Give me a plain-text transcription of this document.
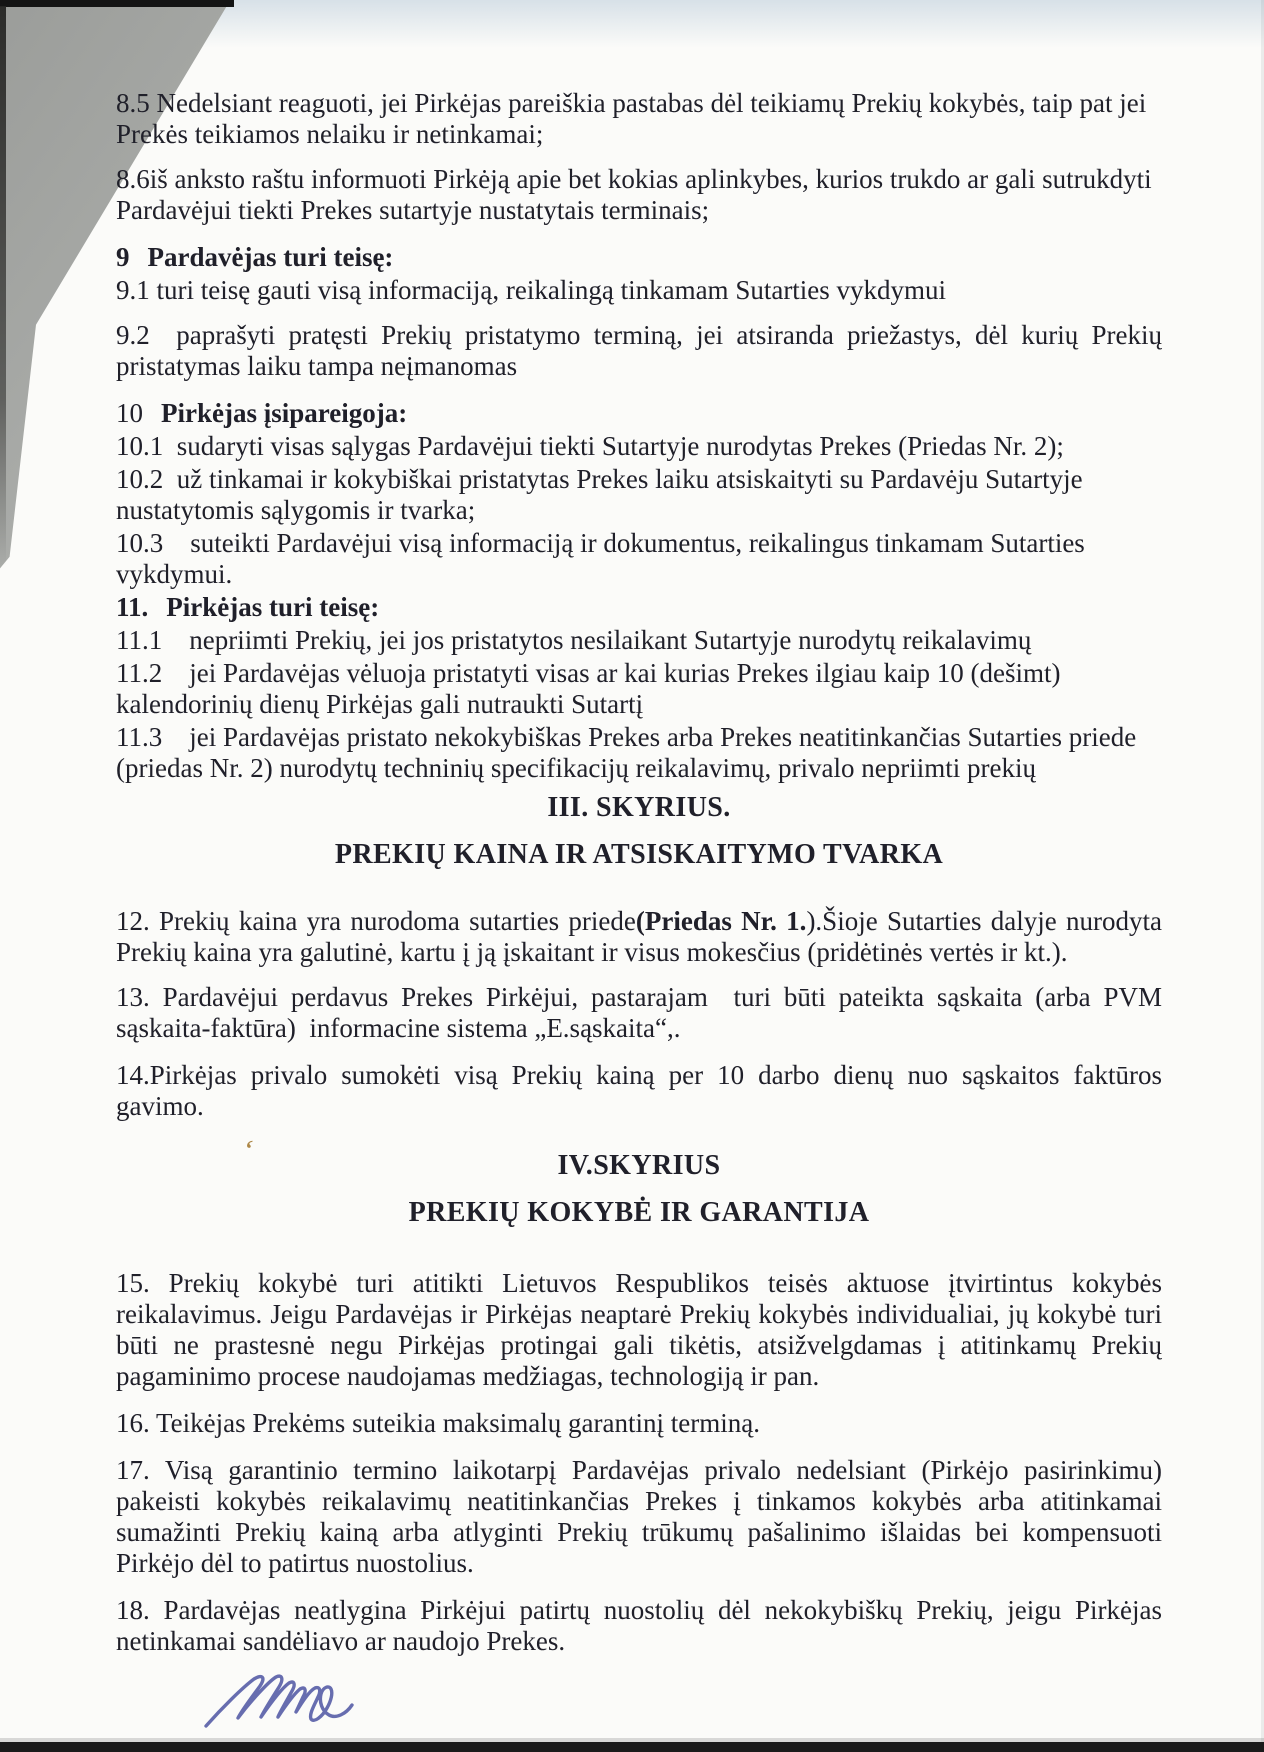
8.5 Nedelsiant reaguoti, jei Pirkėjas pareiškia pastabas dėl teikiamų Prekių kokybės, taip pat jei Prekės teikiamos nelaiku ir netinkamai;

8.6iš anksto raštu informuoti Pirkėją apie bet kokias aplinkybes, kurios trukdo ar gali sutrukdyti Pardavėjui tiekti Prekes sutartyje nustatytais terminais;

9 Pardavėjas turi teisę:

9.1 turi teisę gauti visą informaciją, reikalingą tinkamam Sutarties vykdymui

9.2  paprašyti pratęsti Prekių pristatymo terminą, jei atsiranda priežastys, dėl kurių Prekių pristatymas laiku tampa neįmanomas

10 Pirkėjas įsipareigoja:

10.1  sudaryti visas sąlygas Pardavėjui tiekti Sutartyje nurodytas Prekes (Priedas Nr. 2);

10.2  už tinkamai ir kokybiškai pristatytas Prekes laiku atsiskaityti su Pardavėju Sutartyje nustatytomis sąlygomis ir tvarka;

10.3    suteikti Pardavėjui visą informaciją ir dokumentus, reikalingus tinkamam Sutarties vykdymui.

11. Pirkėjas turi teisę:

11.1    nepriimti Prekių, jei jos pristatytos nesilaikant Sutartyje nurodytų reikalavimų

11.2    jei Pardavėjas vėluoja pristatyti visas ar kai kurias Prekes ilgiau kaip 10 (dešimt) kalendorinių dienų Pirkėjas gali nutraukti Sutartį

11.3    jei Pardavėjas pristato nekokybiškas Prekes arba Prekes neatitinkančias Sutarties priede (priedas Nr. 2) nurodytų techninių specifikacijų reikalavimų, privalo nepriimti prekių

III. SKYRIUS.
PREKIŲ KAINA IR ATSISKAITYMO TVARKA

12. Prekių kaina yra nurodoma sutarties priede(Priedas Nr. 1.).Šioje Sutarties dalyje nurodyta Prekių kaina yra galutinė, kartu į ją įskaitant ir visus mokesčius (pridėtinės vertės ir kt.).

13. Pardavėjui perdavus Prekes Pirkėjui, pastarajam  turi būti pateikta sąskaita (arba PVM sąskaita-faktūra)  informacine sistema „E.sąskaita“,.

14.Pirkėjas privalo sumokėti visą Prekių kainą per 10 darbo dienų nuo sąskaitos faktūros gavimo.

IV.SKYRIUS
PREKIŲ KOKYBĖ IR GARANTIJA

15. Prekių kokybė turi atitikti Lietuvos Respublikos teisės aktuose įtvirtintus kokybės reikalavimus. Jeigu Pardavėjas ir Pirkėjas neaptarė Prekių kokybės individualiai, jų kokybė turi būti ne prastesnė negu Pirkėjas protingai gali tikėtis, atsižvelgdamas į atitinkamų Prekių pagaminimo procese naudojamas medžiagas, technologiją ir pan.

16. Teikėjas Prekėms suteikia maksimalų garantinį terminą.

17. Visą garantinio termino laikotarpį Pardavėjas privalo nedelsiant (Pirkėjo pasirinkimu) pakeisti kokybės reikalavimų neatitinkančias Prekes į tinkamos kokybės arba atitinkamai sumažinti Prekių kainą arba atlyginti Prekių trūkumų pašalinimo išlaidas bei kompensuoti Pirkėjo dėl to patirtus nuostolius.

18. Pardavėjas neatlygina Pirkėjui patirtų nuostolių dėl nekokybiškų Prekių, jeigu Pirkėjas netinkamai sandėliavo ar naudojo Prekes.

ʻ
